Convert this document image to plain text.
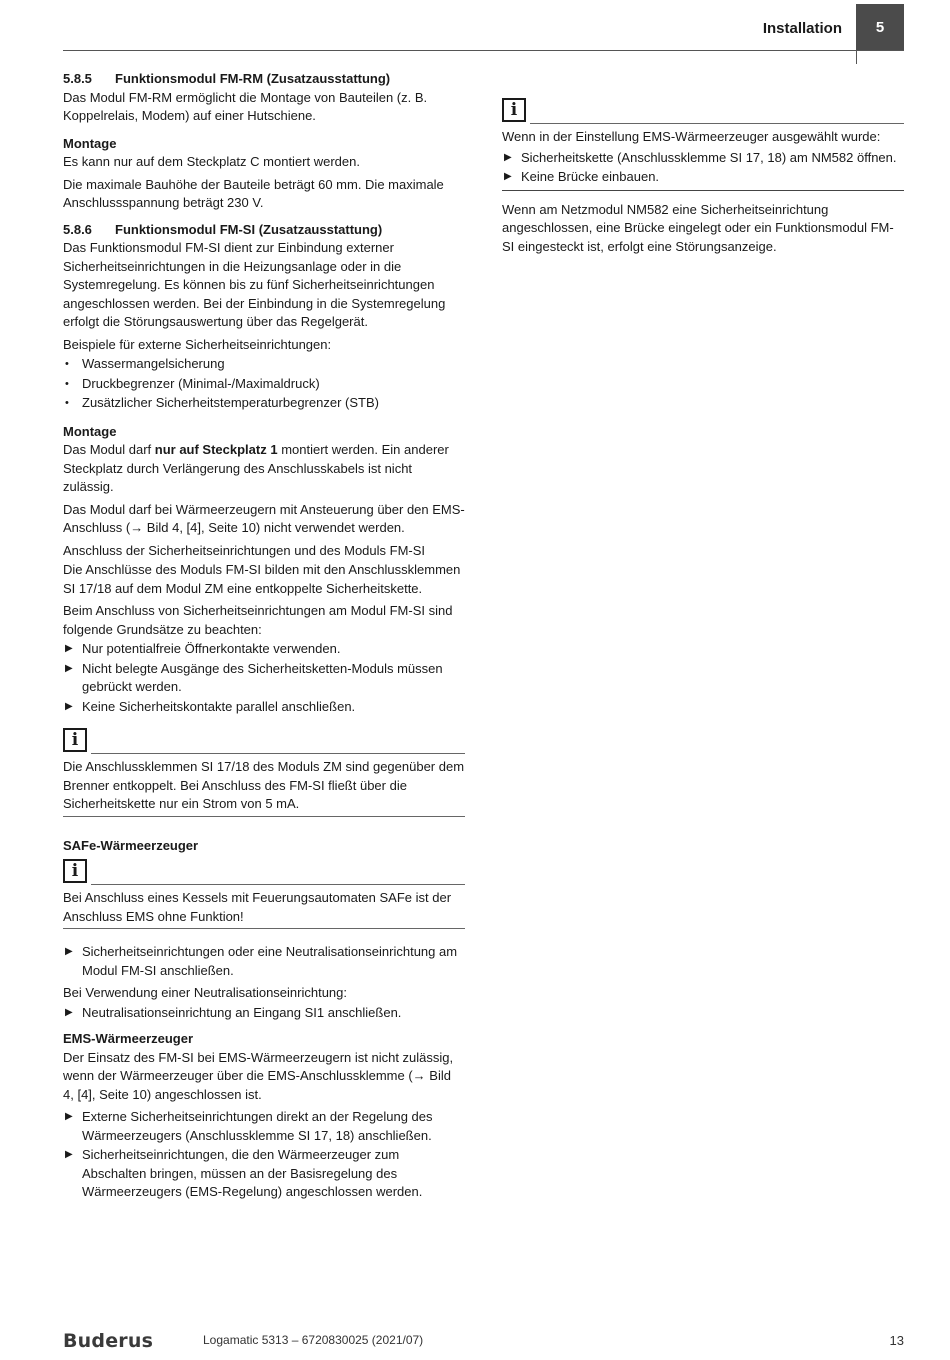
Installation	5
5.8.5 Funktionsmodul FM-RM (Zusatzausstattung)

Das Modul FM-RM ermöglicht die Montage von Bauteilen (z. B. Koppelrelais, Modem) auf einer Hutschiene.

Montage

Es kann nur auf dem Steckplatz C montiert werden.

Die maximale Bauhöhe der Bauteile beträgt 60 mm. Die maximale Anschlussspannung beträgt 230 V.

5.8.6 Funktionsmodul FM-SI (Zusatzausstattung)

Das Funktionsmodul FM-SI dient zur Einbindung externer Sicherheitseinrichtungen in die Heizungsanlage oder in die Systemregelung. Es können bis zu fünf Sicherheitseinrichtungen angeschlossen werden. Bei der Einbindung in die Systemregelung erfolgt die Störungsauswertung über das Regelgerät.

Beispiele für externe Sicherheitseinrichtungen:

• Wassermangelsicherung
• Druckbegrenzer (Minimal-/Maximaldruck)
• Zusätzlicher Sicherheitstemperaturbegrenzer (STB)
Montage

Das Modul darf nur auf Steckplatz 1 montiert werden. Ein anderer Steckplatz durch Verlängerung des Anschlusskabels ist nicht zulässig.

Das Modul darf bei Wärmeerzeugern mit Ansteuerung über den EMS-Anschluss (→ Bild 4, [4], Seite 10) nicht verwendet werden.

Anschluss der Sicherheitseinrichtungen und des Moduls FM-SI

Die Anschlüsse des Moduls FM-SI bilden mit den Anschlussklemmen SI 17/18 auf dem Modul ZM eine entkoppelte Sicherheitskette.

Beim Anschluss von Sicherheitseinrichtungen am Modul FM-SI sind folgende Grundsätze zu beachten:

▶ Nur potentialfreie Öffnerkontakte verwenden.
▶ Nicht belegte Ausgänge des Sicherheitsketten-Moduls müssen gebrückt werden.
▶ Keine Sicherheitskontakte parallel anschließen.
i

Die Anschlussklemmen SI 17/18 des Moduls ZM sind gegenüber dem Brenner entkoppelt. Bei Anschluss des FM-SI fließt über die Sicherheitskette nur ein Strom von 5 mA.

SAFe-Wärmeerzeuger
i

Bei Anschluss eines Kessels mit Feuerungsautomaten SAFe ist der Anschluss EMS ohne Funktion!

▶ Sicherheitseinrichtungen oder eine Neutralisationseinrichtung am Modul FM-SI anschließen.

Bei Verwendung einer Neutralisationseinrichtung:

▶ Neutralisationseinrichtung an Eingang SI1 anschließen.
EMS-Wärmeerzeuger

Der Einsatz des FM-SI bei EMS-Wärmeerzeugern ist nicht zulässig, wenn der Wärmeerzeuger über die EMS-Anschlussklemme (→ Bild 4, [4], Seite 10) angeschlossen ist.

▶ Externe Sicherheitseinrichtungen direkt an der Regelung des Wärmeerzeugers (Anschlussklemme SI 17, 18) anschließen.
▶ Sicherheitseinrichtungen, die den Wärmeerzeuger zum Abschalten bringen, müssen an der Basisregelung des Wärmeerzeugers (EMS-Regelung) angeschlossen werden.
i

Wenn in der Einstellung EMS-Wärmeerzeuger ausgewählt wurde:

▶ Sicherheitskette (Anschlussklemme SI 17, 18) am NM582 öffnen.
▶ Keine Brücke einbauen.

Wenn am Netzmodul NM582 eine Sicherheitseinrichtung angeschlossen, eine Brücke eingelegt oder ein Funktionsmodul FM-SI eingesteckt ist, erfolgt eine Störungsanzeige.

Buderus	Logamatic 5313 – 6720830025 (2021/07)	13
